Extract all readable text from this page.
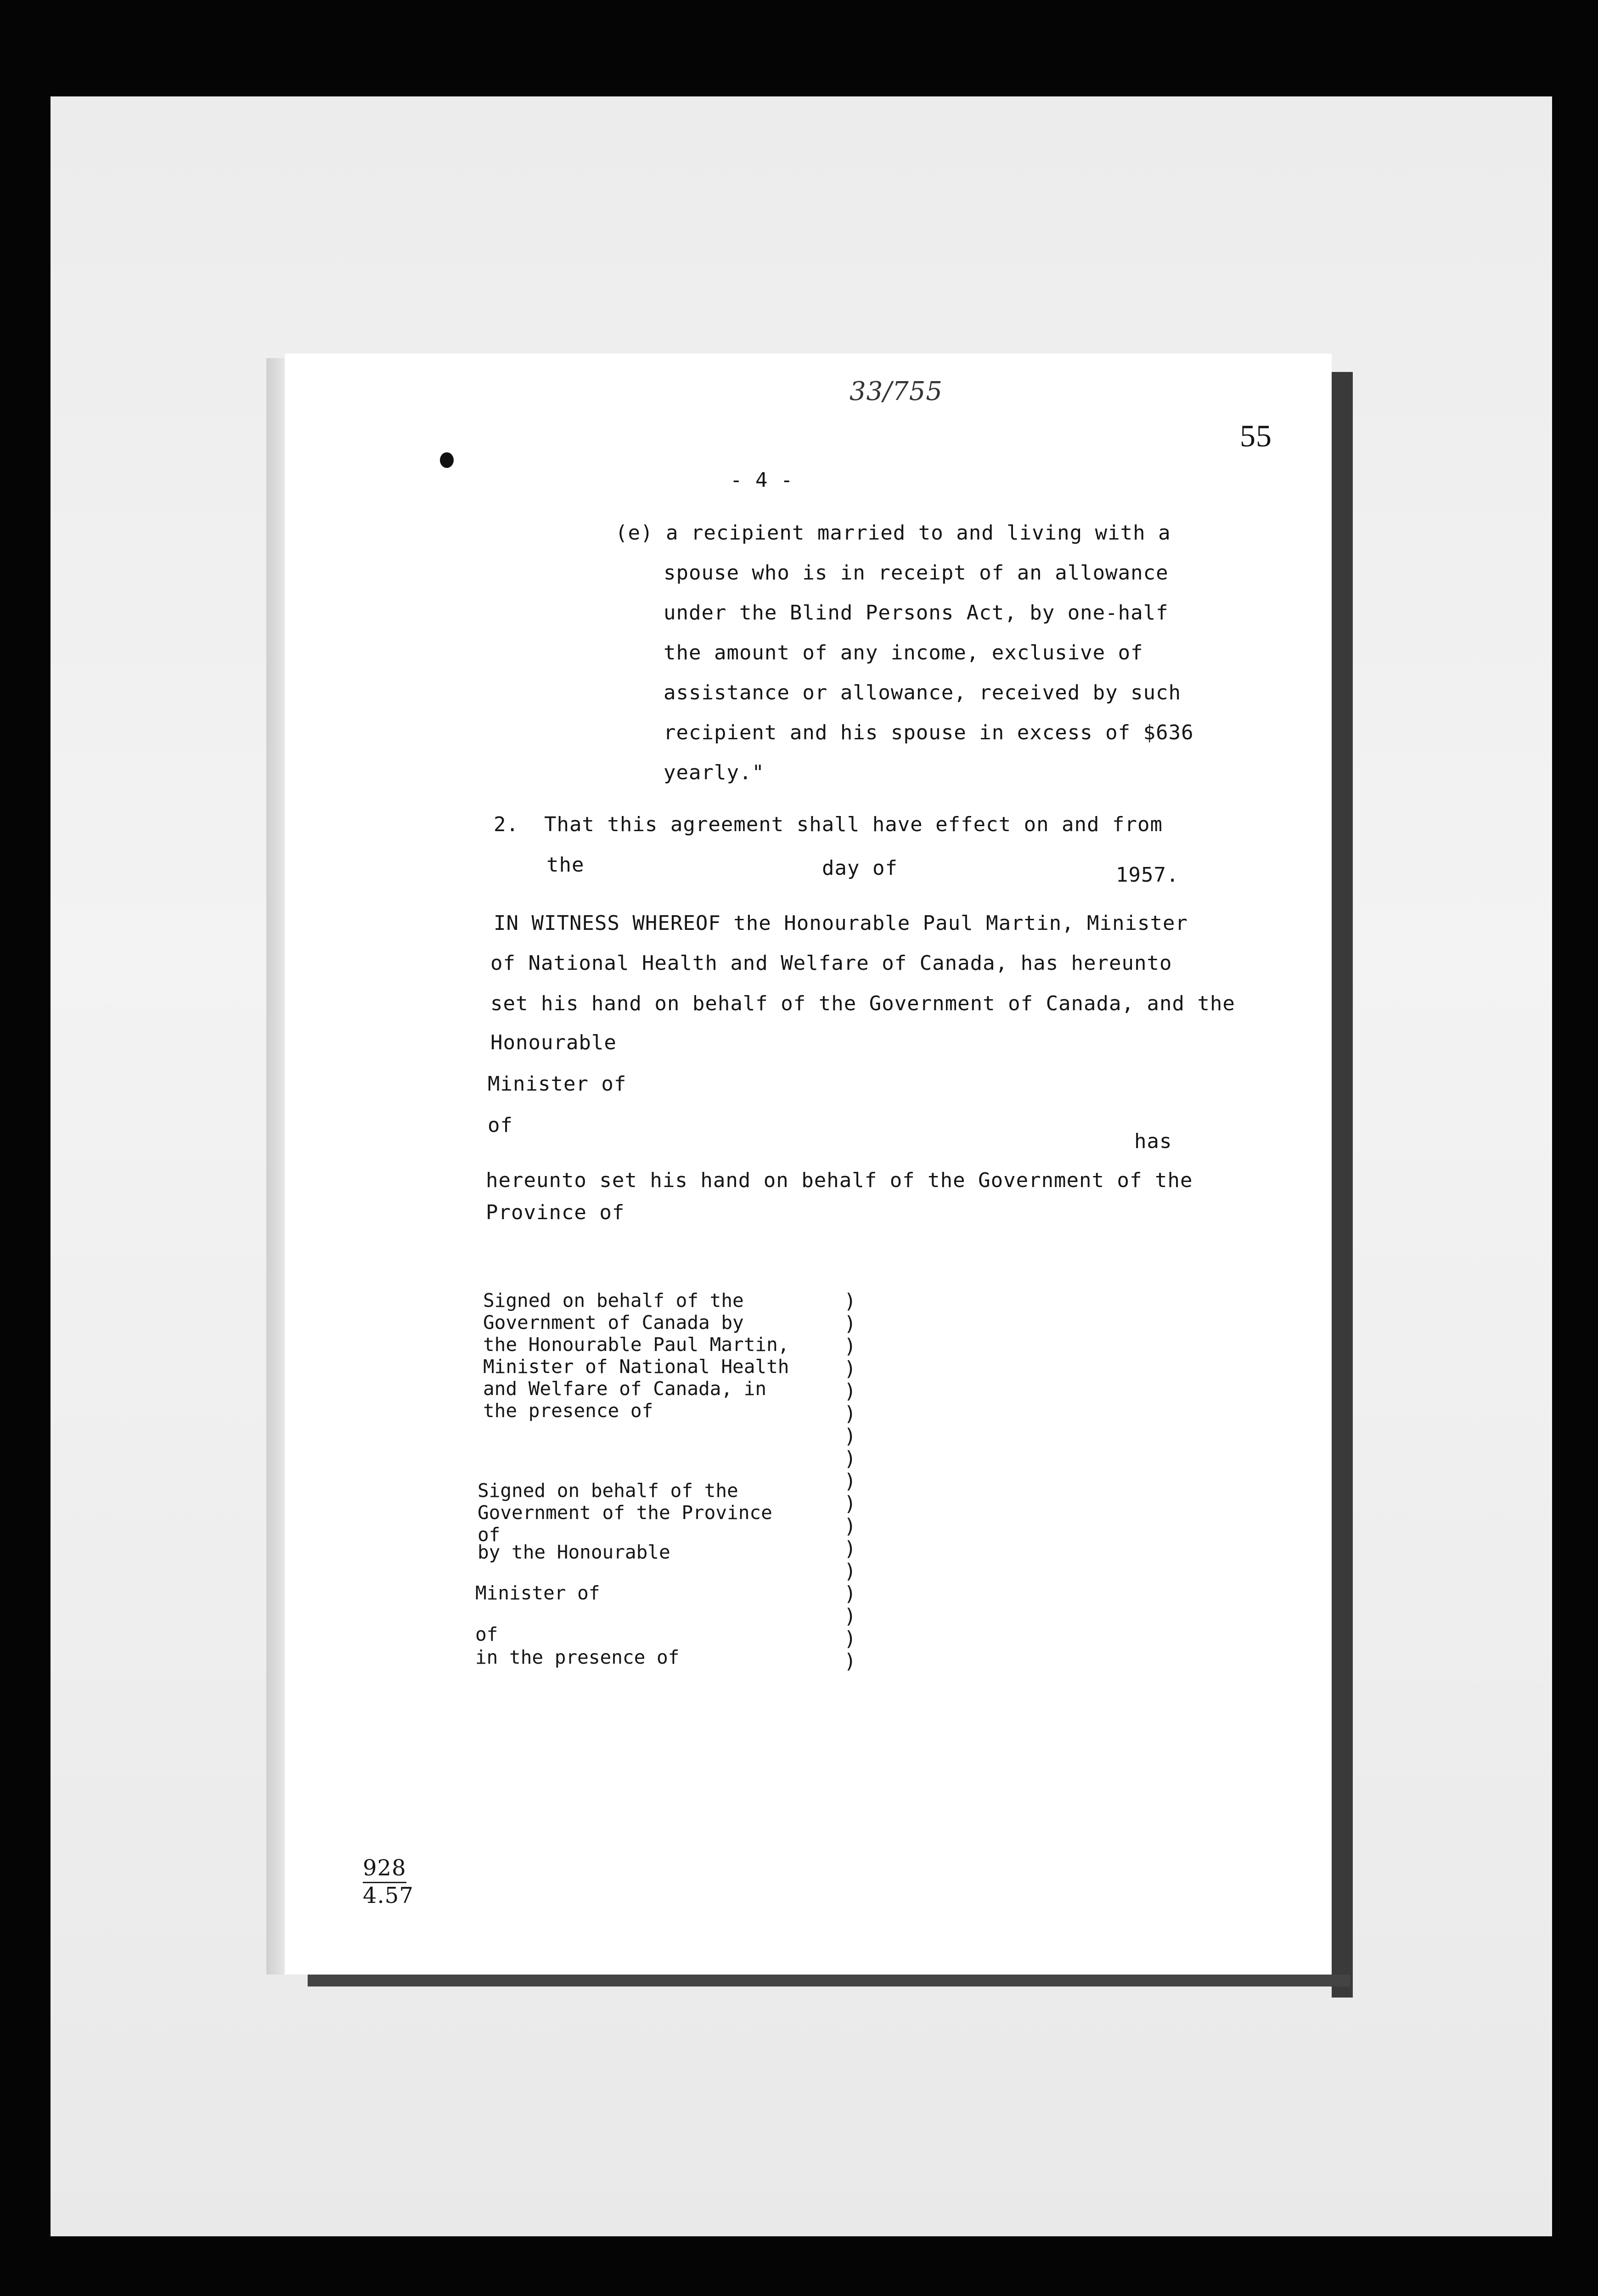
33/755
55
- 4 -
(e) a recipient married to and living with a
spouse who is in receipt of an allowance
under the Blind Persons Act, by one-half
the amount of any income, exclusive of
assistance or allowance, received by such
recipient and his spouse in excess of $636
yearly."
2.  That this agreement shall have effect on and from
the	day of	1957.
IN WITNESS WHEREOF the Honourable Paul Martin, Minister
of National Health and Welfare of Canada, has hereunto
set his hand on behalf of the Government of Canada, and the
Honourable
Minister of
of
has
hereunto set his hand on behalf of the Government of the
Province of
Signed on behalf of the
Government of Canada by
the Honourable Paul Martin,
Minister of National Health
and Welfare of Canada, in
the presence of
Signed on behalf of the
Government of the Province
of
by the Honourable
Minister of
of
in the presence of
)
)
)
)
)
)
)
)
)
)
)
)
)
)
)
)
)
928
4.57
